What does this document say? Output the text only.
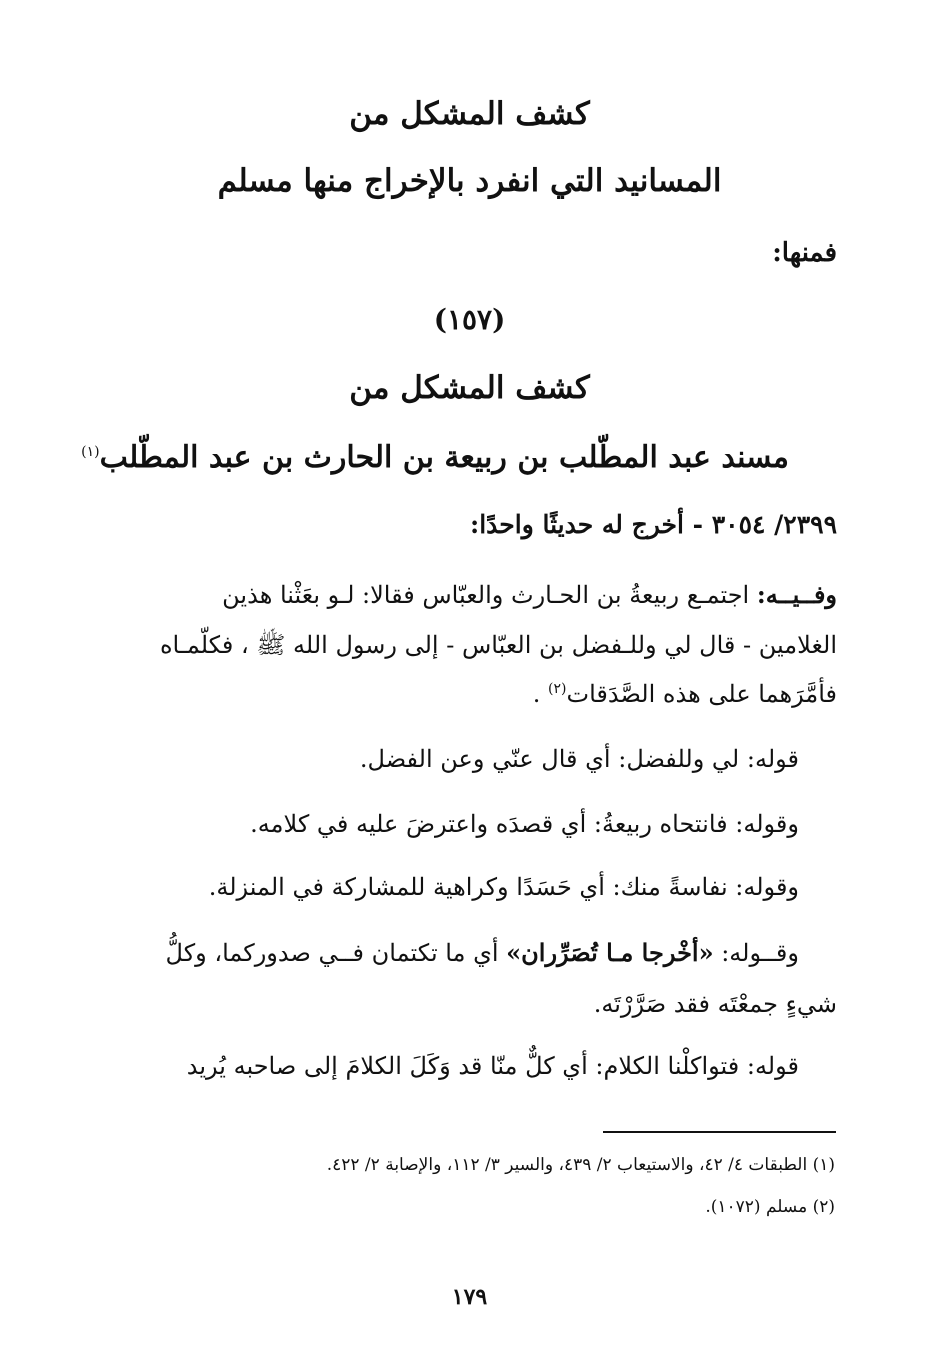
كشف المشكل من
المسانيد التي انفرد بالإخراج منها مسلم
فمنها:
(١٥٧)
كشف المشكل من
مسند عبد المطّلب بن ربيعة بن الحارث بن عبد المطّلب$^{(١)}$
٢٣٩٩/ ٣٠٥٤ - أخرج له حديثًا واحدًا:
وفــيــه: اجتمـع ربيعةُ بن الحـارث والعبّاس فقالا: لـو بعَثْنا هذين
الغلامين - قال لي وللـفضل بن العبّاس - إلى رسول الله ﷺ ، فكلّمـاه
فأمَّرَهما على هذه الصَّدَقات$^{(٢)}$ .
قوله: لي وللفضل: أي قال عنّي وعن الفضل.
وقوله: فانتحاه ربيعةُ: أي قصدَه واعترضَ عليه في كلامه.
وقوله: نفاسةً منك: أي حَسَدًا وكراهية للمشاركة في المنزلة.
وقــوله: «أخْرجا مـا تُصَرِّران» أي ما تكتمان فــي صدوركما، وكلُّ
شيءٍ جمعْتَه فقد صَرَّرْتَه.
قوله: فتواكلْنا الكلام: أي كلٌّ منّا قد وَكَلَ الكلامَ إلى صاحبه يُريد
(١) الطبقات ٤/ ٤٢، والاستيعاب ٢/ ٤٣٩، والسير ٣/ ١١٢، والإصابة ٢/ ٤٢٢.
(٢) مسلم (١٠٧٢).
١٧٩
